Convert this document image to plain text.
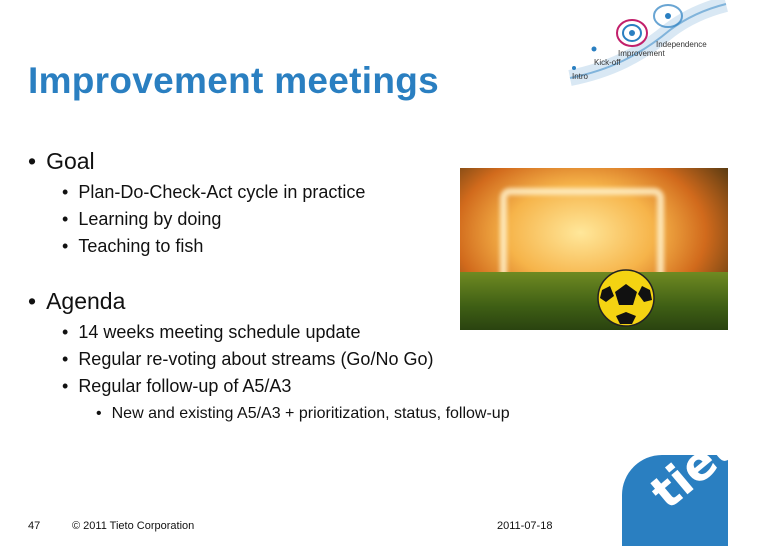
Intro
Kick-off
Improvement
Independence
Improvement meetings
• Goal
• Plan-Do-Check-Act cycle in practice
• Learning by doing
• Teaching to fish
• Agenda
• 14 weeks meeting schedule update
• Regular re-voting about streams (Go/No Go)
• Regular follow-up of A5/A3
• New and existing A5/A3 + prioritization, status, follow-up
47	© 2011 Tieto Corporation	2011-07-18
tieto
